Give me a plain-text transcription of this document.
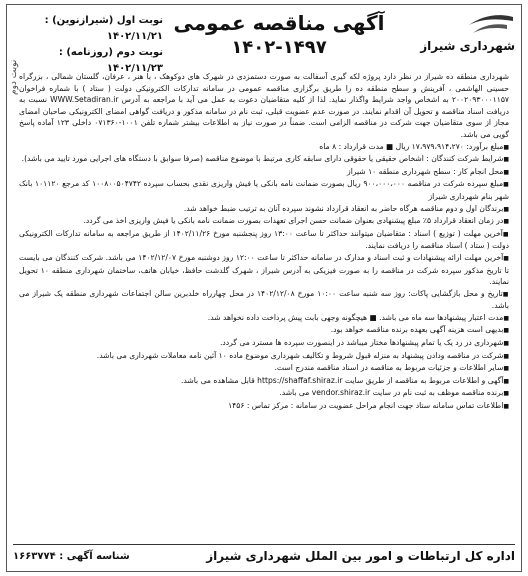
نوبت دوم
نوبت اول (شیرازنوین) : ۱۴۰۲/۱۱/۲۱
نوبت دوم (روزنامه) : ۱۴۰۲/۱۱/۲۳
آگهی مناقصه عمومی
۱۴۰۲-۱۴۹۷	شهرداری شیراز

شهرداری منطقه ده شیراز در نظر دارد پروژه لکه گیری آسفالت به صورت دستمزدی در شهرک های دوکوهک ، با هنر ، عرفان، گلستان شمالی ، بزرگراه حسینی الهاشمی ، آفرینش و سطح منطقه ده را طریق برگزاری مناقصه عمومی در سامانه تدارکات الکترونیکی دولت ( ستاد ) با شماره فراخوان ۲۰۰۲۰۹۳۰۰۰۱۱۵۷ به اشخاص واجد شرایط واگذار نماید. لذا از کلیه متقاضیان دعوت به عمل می آید با مراجعه به آدرس WWW.Setadiran.ir نسبت به دریافت اسناد مناقصه و تحویل آن اقدام نمایند. در صورت عدم عضویت قبلی، ثبت نام در سامانه مذکور و دریافت گواهی امضای الکترونیکی صاحبان امضای مجاز از سوی متقاضیان جهت شرکت در مناقصه الزامی است. ضمناً در صورت نیاز به اطلاعات بیشتر شماره تلفن ۱۰۰۱-۰۷۱۳۶۰ داخلی ۱۲۳ آماده پاسخ گویی می باشد.

■ مبلغ برآورد: ۱۷،۹۷۹،۹۱۴،۲۷۰ ریال ■ مدت قرارداد : ۸ ماه

■ شرایط شرکت کنندگان : اشخاص حقیقی یا حقوقی دارای سابقه کاری مرتبط با موضوع مناقصه (صرفا سوابق با دستگاه های اجرایی مورد تایید می باشد).

■ محل انجام کار : سطح شهرداری منطقه ۱۰ شیراز

■ مبلغ سپرده شرکت در مناقصه ۹۰۰،۰۰۰،۰۰۰ ریال بصورت ضمانت نامه بانکی یا فیش واریزی نقدی بحساب سپرده ۱۰۰۸۰۰۵۰۴۷۴۲ کد مرجع ۱۰۱۱۲۰ بانک شهر بنام شهرداری شیراز

■ برندگان اول و دوم مناقصه هرگاه حاضر به انعقاد قرارداد نشوند سپرده آنان به ترتیب ضبط خواهد شد.

■ در زمان انعقاد قرارداد ۵٪ مبلغ پیشنهادی بعنوان ضمانت حسن اجرای تعهدات بصورت ضمانت نامه بانکی یا فیش واریزی اخذ می گردد.

■ آخرین مهلت ( توزیع ) اسناد : متقاضیان میتوانند حداکثر تا ساعت ۱۳:۰۰ روز پنجشنبه مورخ ۱۴۰۲/۱۱/۲۶ از طریق مراجعه به سامانه تدارکات الکترونیکی دولت ( ستاد ) اسناد مناقصه را دریافت نمایند.

■ آخرین مهلت ارائه پیشنهادات و ثبت اسناد و مدارک در سامانه حداکثر تا ساعت ۱۲:۰۰ روز دوشنبه مورخ ۱۴۰۲/۱۲/۰۷ می باشد. شرکت کنندگان می بایست تا تاریخ مذکور سپرده شرکت در مناقصه را به صورت فیزیکی به آدرس شیراز ، شهرک گلدشت حافظ، خیابان هاتف، ساختمان شهرداری منطقه ۱۰ تحویل نمایند.

■ تاریخ و محل بازگشایی پاکات: روز سه شنبه ساعت ۱۰:۰۰ مورخ ۱۴۰۲/۱۲/۰۸ در محل چهارراه خلدبرین سالن اجتماعات شهرداری منطقه یک شیراز می باشد.

■ مدت اعتبار پیشنهادها سه ماه می باشد. ■ هیچگونه وجهی بابت پیش پرداخت داده نخواهد شد.

■ بدیهی است هزینه آگهی بعهده برنده مناقصه خواهد بود.

■ شهرداری در رد یک یا تمام پیشنهادها مختار میباشد در اینصورت سپرده ها مسترد می گردد.

■ شرکت در مناقصه ودادن پیشنهاد به منزله قبول شروط و تکالیف شهرداری موضوع ماده ۱۰ آئین نامه معاملات شهرداری می باشد.

■ سایر اطلاعات و جزئیات مربوط به مناقصه در اسناد مناقصه مندرج است.

■ آگهی و اطلاعات مربوط به مناقصه از طریق سایت https://shaffaf.shiraz.ir قابل مشاهده می باشد.

■ برنده مناقصه موظف به ثبت نام در سایت vendor.shiraz.ir می باشد.

■ اطلاعات تماس سامانه ستاد جهت انجام مراحل عضویت در سامانه : مرکز تماس : ۱۴۵۶

اداره کل ارتباطات و امور بین الملل شهرداری شیراز
شناسه آگهی : ۱۶۶۳۷۷۴
